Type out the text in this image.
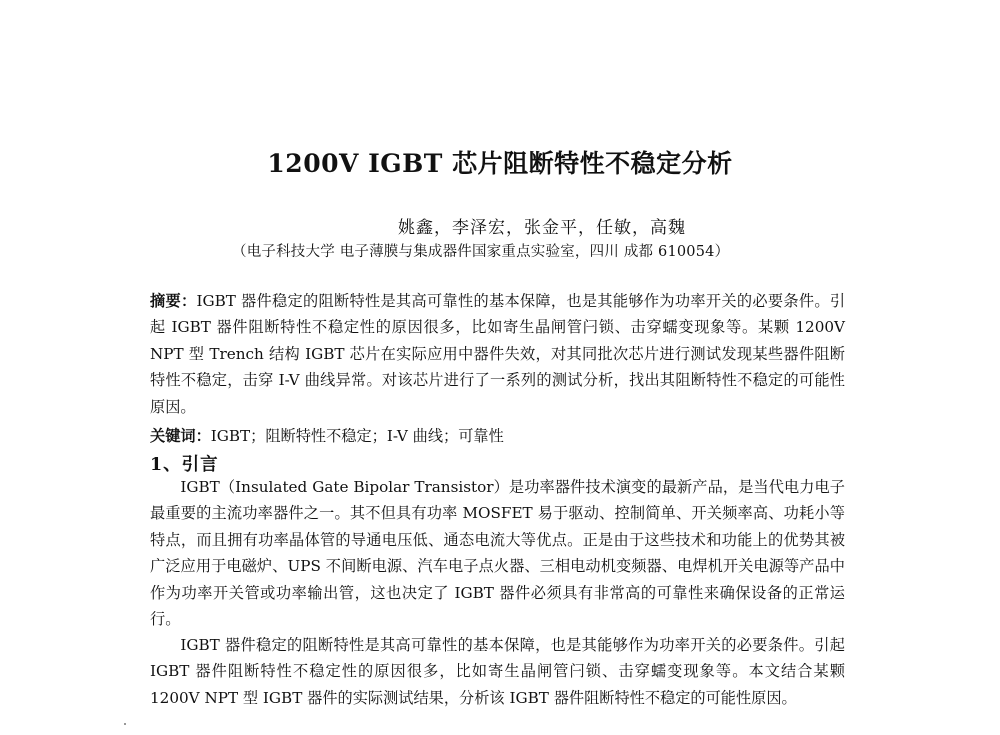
1200V IGBT 芯片阻断特性不稳定分析
姚鑫，李泽宏，张金平，任敏，高魏
（电子科技大学 电子薄膜与集成器件国家重点实验室，四川 成都 610054）
摘要：IGBT 器件稳定的阻断特性是其高可靠性的基本保障，也是其能够作为功率开关的必要条件。引起 IGBT 器件阻断特性不稳定性的原因很多，比如寄生晶闸管闩锁、击穿蠕变现象等。某颗 1200V NPT 型 Trench 结构 IGBT 芯片在实际应用中器件失效，对其同批次芯片进行测试发现某些器件阻断特性不稳定，击穿 I-V 曲线异常。对该芯片进行了一系列的测试分析，找出其阻断特性不稳定的可能性原因。
关键词：IGBT；阻断特性不稳定；I-V 曲线；可靠性
1、引言
IGBT（Insulated Gate Bipolar Transistor）是功率器件技术演变的最新产品，是当代电力电子最重要的主流功率器件之一。其不但具有功率 MOSFET 易于驱动、控制简单、开关频率高、功耗小等特点，而且拥有功率晶体管的导通电压低、通态电流大等优点。正是由于这些技术和功能上的优势其被广泛应用于电磁炉、UPS 不间断电源、汽车电子点火器、三相电动机变频器、电焊机开关电源等产品中作为功率开关管或功率输出管，这也决定了 IGBT 器件必须具有非常高的可靠性来确保设备的正常运行。
IGBT 器件稳定的阻断特性是其高可靠性的基本保障，也是其能够作为功率开关的必要条件。引起 IGBT 器件阻断特性不稳定性的原因很多，比如寄生晶闸管闩锁、击穿蠕变现象等。本文结合某颗 1200V NPT 型 IGBT 器件的实际测试结果，分析该 IGBT 器件阻断特性不稳定的可能性原因。
